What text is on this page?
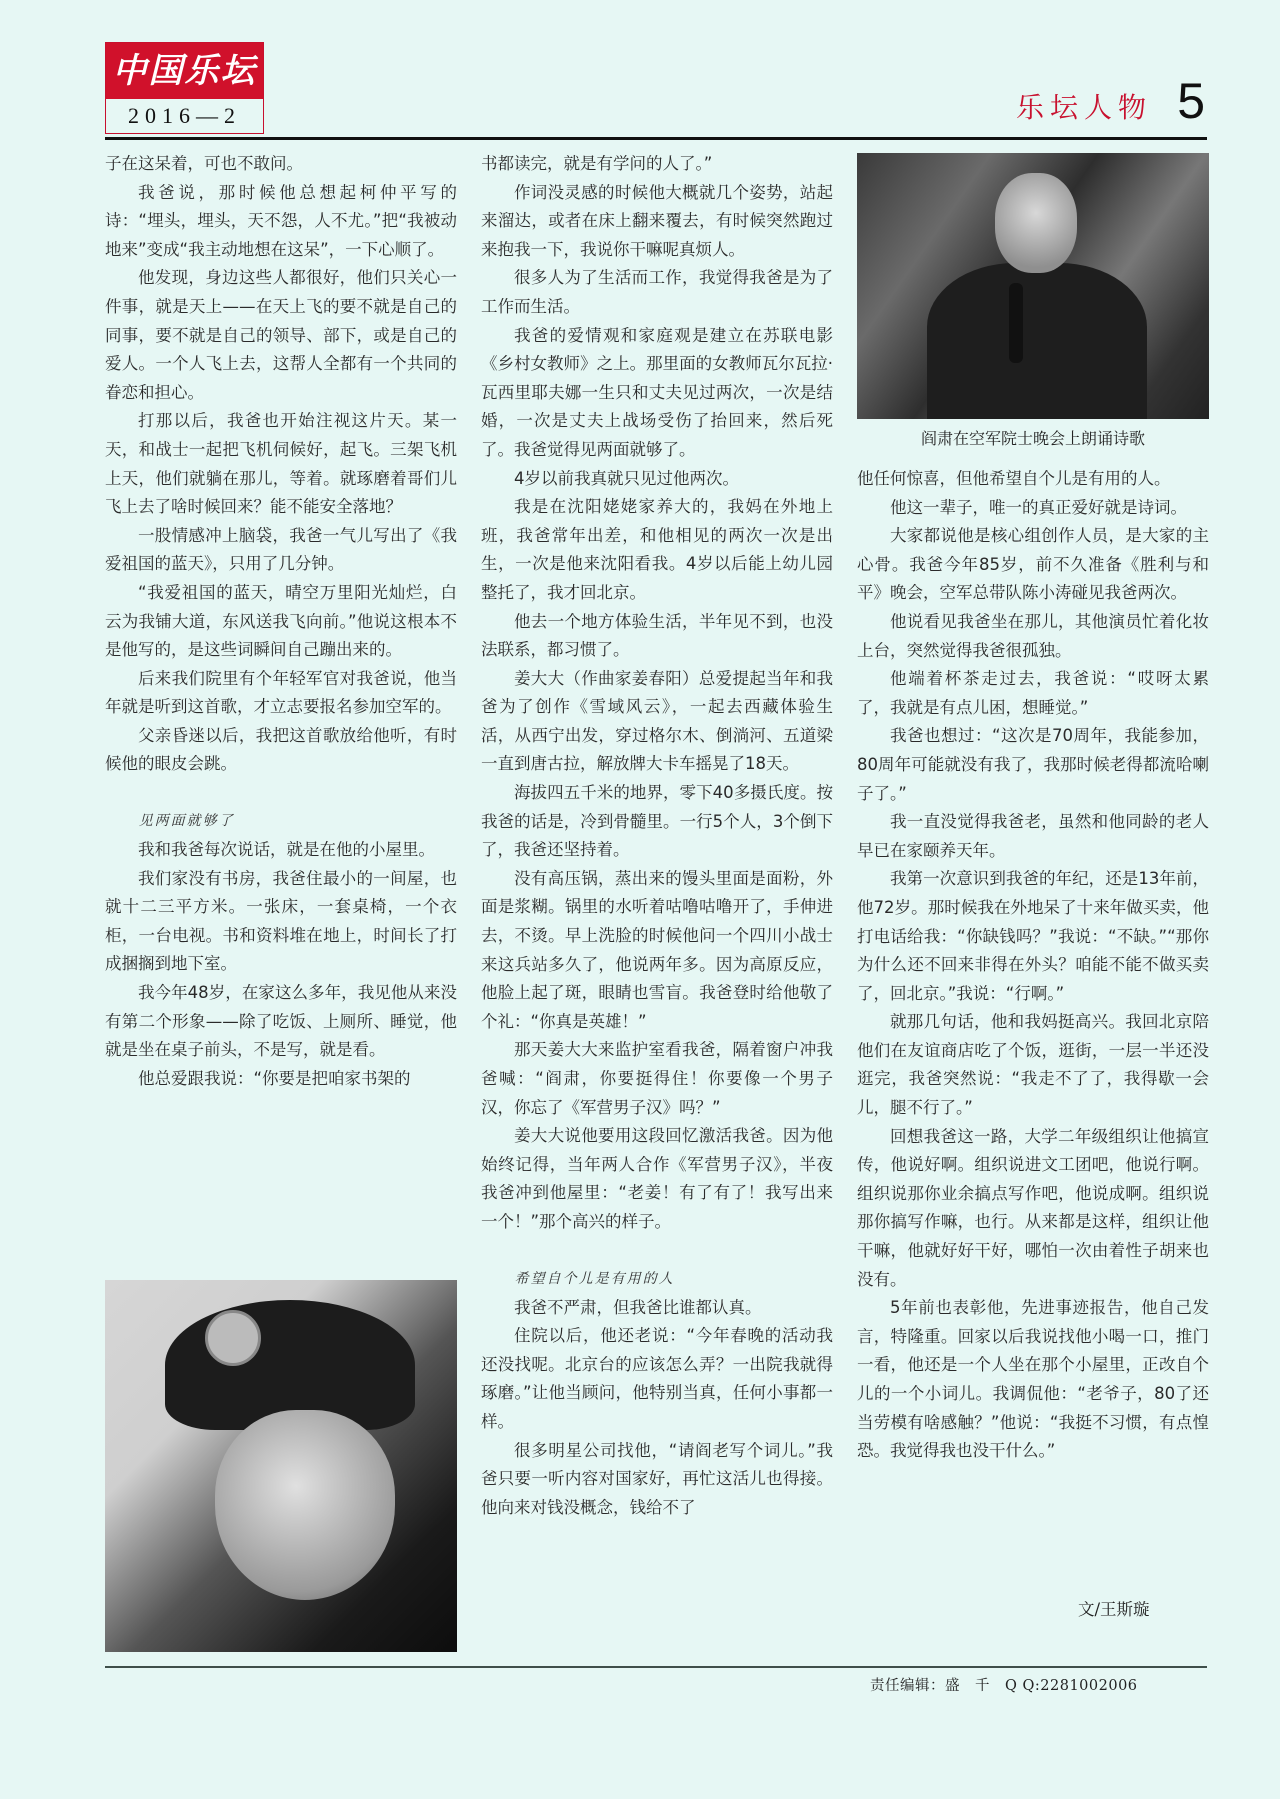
中国乐坛
2016—2	乐坛人物 5

子在这呆着，可也不敢问。

我爸说，那时候他总想起柯仲平写的诗：“埋头，埋头，天不怨，人不尤。”把“我被动地来”变成“我主动地想在这呆”，一下心顺了。

他发现，身边这些人都很好，他们只关心一件事，就是天上——在天上飞的要不就是自己的同事，要不就是自己的领导、部下，或是自己的爱人。一个人飞上去，这帮人全都有一个共同的眷恋和担心。

打那以后，我爸也开始注视这片天。某一天，和战士一起把飞机伺候好，起飞。三架飞机上天，他们就躺在那儿，等着。就琢磨着哥们儿飞上去了啥时候回来？能不能安全落地？

一股情感冲上脑袋，我爸一气儿写出了《我爱祖国的蓝天》，只用了几分钟。

“我爱祖国的蓝天，晴空万里阳光灿烂，白云为我铺大道，东风送我飞向前。”他说这根本不是他写的，是这些词瞬间自己蹦出来的。

后来我们院里有个年轻军官对我爸说，他当年就是听到这首歌，才立志要报名参加空军的。

父亲昏迷以后，我把这首歌放给他听，有时候他的眼皮会跳。

见两面就够了

我和我爸每次说话，就是在他的小屋里。

我们家没有书房，我爸住最小的一间屋，也就十二三平方米。一张床，一套桌椅，一个衣柜，一台电视。书和资料堆在地上，时间长了打成捆搁到地下室。

我今年48岁，在家这么多年，我见他从来没有第二个形象——除了吃饭、上厕所、睡觉，他就是坐在桌子前头，不是写，就是看。

他总爱跟我说：“你要是把咱家书架的

书都读完，就是有学问的人了。”

作词没灵感的时候他大概就几个姿势，站起来溜达，或者在床上翻来覆去，有时候突然跑过来抱我一下，我说你干嘛呢真烦人。

很多人为了生活而工作，我觉得我爸是为了工作而生活。

我爸的爱情观和家庭观是建立在苏联电影《乡村女教师》之上。那里面的女教师瓦尔瓦拉·瓦西里耶夫娜一生只和丈夫见过两次，一次是结婚，一次是丈夫上战场受伤了抬回来，然后死了。我爸觉得见两面就够了。

4岁以前我真就只见过他两次。

我是在沈阳姥姥家养大的，我妈在外地上班，我爸常年出差，和他相见的两次一次是出生，一次是他来沈阳看我。4岁以后能上幼儿园整托了，我才回北京。

他去一个地方体验生活，半年见不到，也没法联系，都习惯了。

姜大大（作曲家姜春阳）总爱提起当年和我爸为了创作《雪域风云》，一起去西藏体验生活，从西宁出发，穿过格尔木、倒淌河、五道梁一直到唐古拉，解放牌大卡车摇晃了18天。

海拔四五千米的地界，零下40多摄氏度。按我爸的话是，冷到骨髓里。一行5个人，3个倒下了，我爸还坚持着。

没有高压锅，蒸出来的馒头里面是面粉，外面是浆糊。锅里的水听着咕噜咕噜开了，手伸进去，不烫。早上洗脸的时候他问一个四川小战士来这兵站多久了，他说两年多。因为高原反应，他脸上起了斑，眼睛也雪盲。我爸登时给他敬了个礼：“你真是英雄！”

那天姜大大来监护室看我爸，隔着窗户冲我爸喊：“阎肃，你要挺得住！你要像一个男子汉，你忘了《军营男子汉》吗？”

姜大大说他要用这段回忆激活我爸。因为他始终记得，当年两人合作《军营男子汉》，半夜我爸冲到他屋里：“老姜！有了有了！我写出来一个！”那个高兴的样子。

希望自个儿是有用的人

我爸不严肃，但我爸比谁都认真。

住院以后，他还老说：“今年春晚的活动我还没找呢。北京台的应该怎么弄？一出院我就得琢磨。”让他当顾问，他特别当真，任何小事都一样。

很多明星公司找他，“请阎老写个词儿。”我爸只要一听内容对国家好，再忙这活儿也得接。他向来对钱没概念，钱给不了

阎肃在空军院士晚会上朗诵诗歌

他任何惊喜，但他希望自个儿是有用的人。

他这一辈子，唯一的真正爱好就是诗词。

大家都说他是核心组创作人员，是大家的主心骨。我爸今年85岁，前不久准备《胜利与和平》晚会，空军总带队陈小涛碰见我爸两次。

他说看见我爸坐在那儿，其他演员忙着化妆上台，突然觉得我爸很孤独。

他端着杯茶走过去，我爸说：“哎呀太累了，我就是有点儿困，想睡觉。”

我爸也想过：“这次是70周年，我能参加，80周年可能就没有我了，我那时候老得都流哈喇子了。”

我一直没觉得我爸老，虽然和他同龄的老人早已在家颐养天年。

我第一次意识到我爸的年纪，还是13年前，他72岁。那时候我在外地呆了十来年做买卖，他打电话给我：“你缺钱吗？”我说：“不缺。”“那你为什么还不回来非得在外头？咱能不能不做买卖了，回北京。”我说：“行啊。”

就那几句话，他和我妈挺高兴。我回北京陪他们在友谊商店吃了个饭，逛街，一层一半还没逛完，我爸突然说：“我走不了了，我得歇一会儿，腿不行了。”

回想我爸这一路，大学二年级组织让他搞宣传，他说好啊。组织说进文工团吧，他说行啊。组织说那你业余搞点写作吧，他说成啊。组织说那你搞写作嘛，也行。从来都是这样，组织让他干嘛，他就好好干好，哪怕一次由着性子胡来也没有。

5年前也表彰他，先进事迹报告，他自己发言，特隆重。回家以后我说找他小喝一口，推门一看，他还是一个人坐在那个小屋里，正改自个儿的一个小词儿。我调侃他：“老爷子，80了还当劳模有啥感触？”他说：“我挺不习惯，有点惶恐。我觉得我也没干什么。”

文/王斯璇
责任编辑：盛　千　Q Q:2281002006
